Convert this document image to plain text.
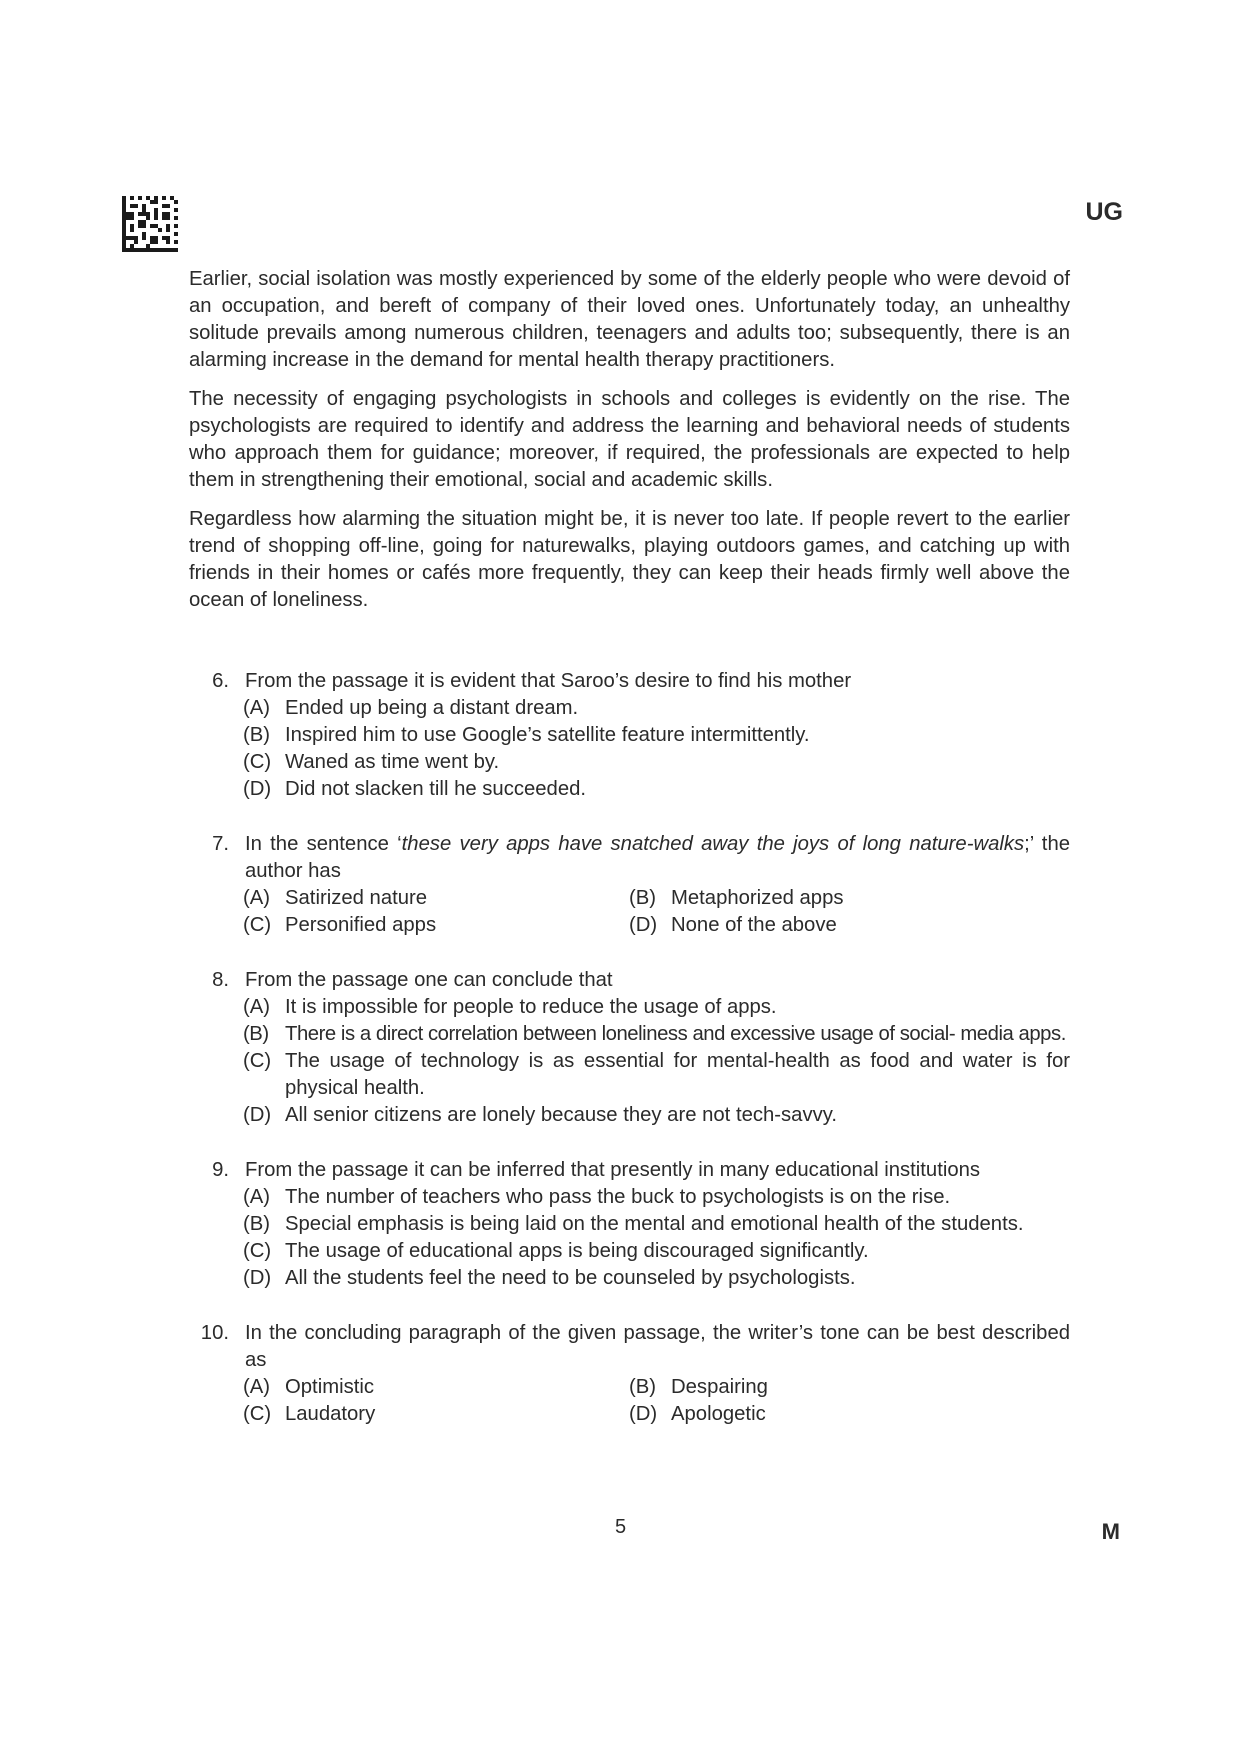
UG

Earlier, social isolation was mostly experienced by some of the elderly people who were devoid of an occupation, and bereft of company of their loved ones. Unfortunately today, an unhealthy solitude prevails among numerous children, teenagers and adults too; subsequently, there is an alarming increase in the demand for mental health therapy practitioners.

The necessity of engaging psychologists in schools and colleges is evidently on the rise. The psychologists are required to identify and address the learning and behavioral needs of students who approach them for guidance; moreover, if required, the professionals are expected to help them in strengthening their emotional, social and academic skills.

Regardless how alarming the situation might be, it is never too late. If people revert to the earlier trend of shopping off-line, going for naturewalks, playing outdoors games, and catching up with friends in their homes or cafés more frequently, they can keep their heads firmly well above the ocean of loneliness.

6. From the passage it is evident that Saroo’s desire to find his mother
(A) Ended up being a distant dream.
(B) Inspired him to use Google’s satellite feature intermittently.
(C) Waned as time went by.
(D) Did not slacken till he succeeded.
7. In the sentence ‘these very apps have snatched away the joys of long nature-walks;’ the author has
(A) Satirized nature	(B) Metaphorized apps
(C) Personified apps	(D) None of the above
8. From the passage one can conclude that
(A) It is impossible for people to reduce the usage of apps.
(B) There is a direct correlation between loneliness and excessive usage of social- media apps.
(C) The usage of technology is as essential for mental-health as food and water is for physical health.
(D) All senior citizens are lonely because they are not tech-savvy.
9. From the passage it can be inferred that presently in many educational institutions
(A) The number of teachers who pass the buck to psychologists is on the rise.
(B) Special emphasis is being laid on the mental and emotional health of the students.
(C) The usage of educational apps is being discouraged significantly.
(D) All the students feel the need to be counseled by psychologists.
10. In the concluding paragraph of the given passage, the writer’s tone can be best described as
(A) Optimistic	(B) Despairing
(C) Laudatory	(D) Apologetic
5	M
